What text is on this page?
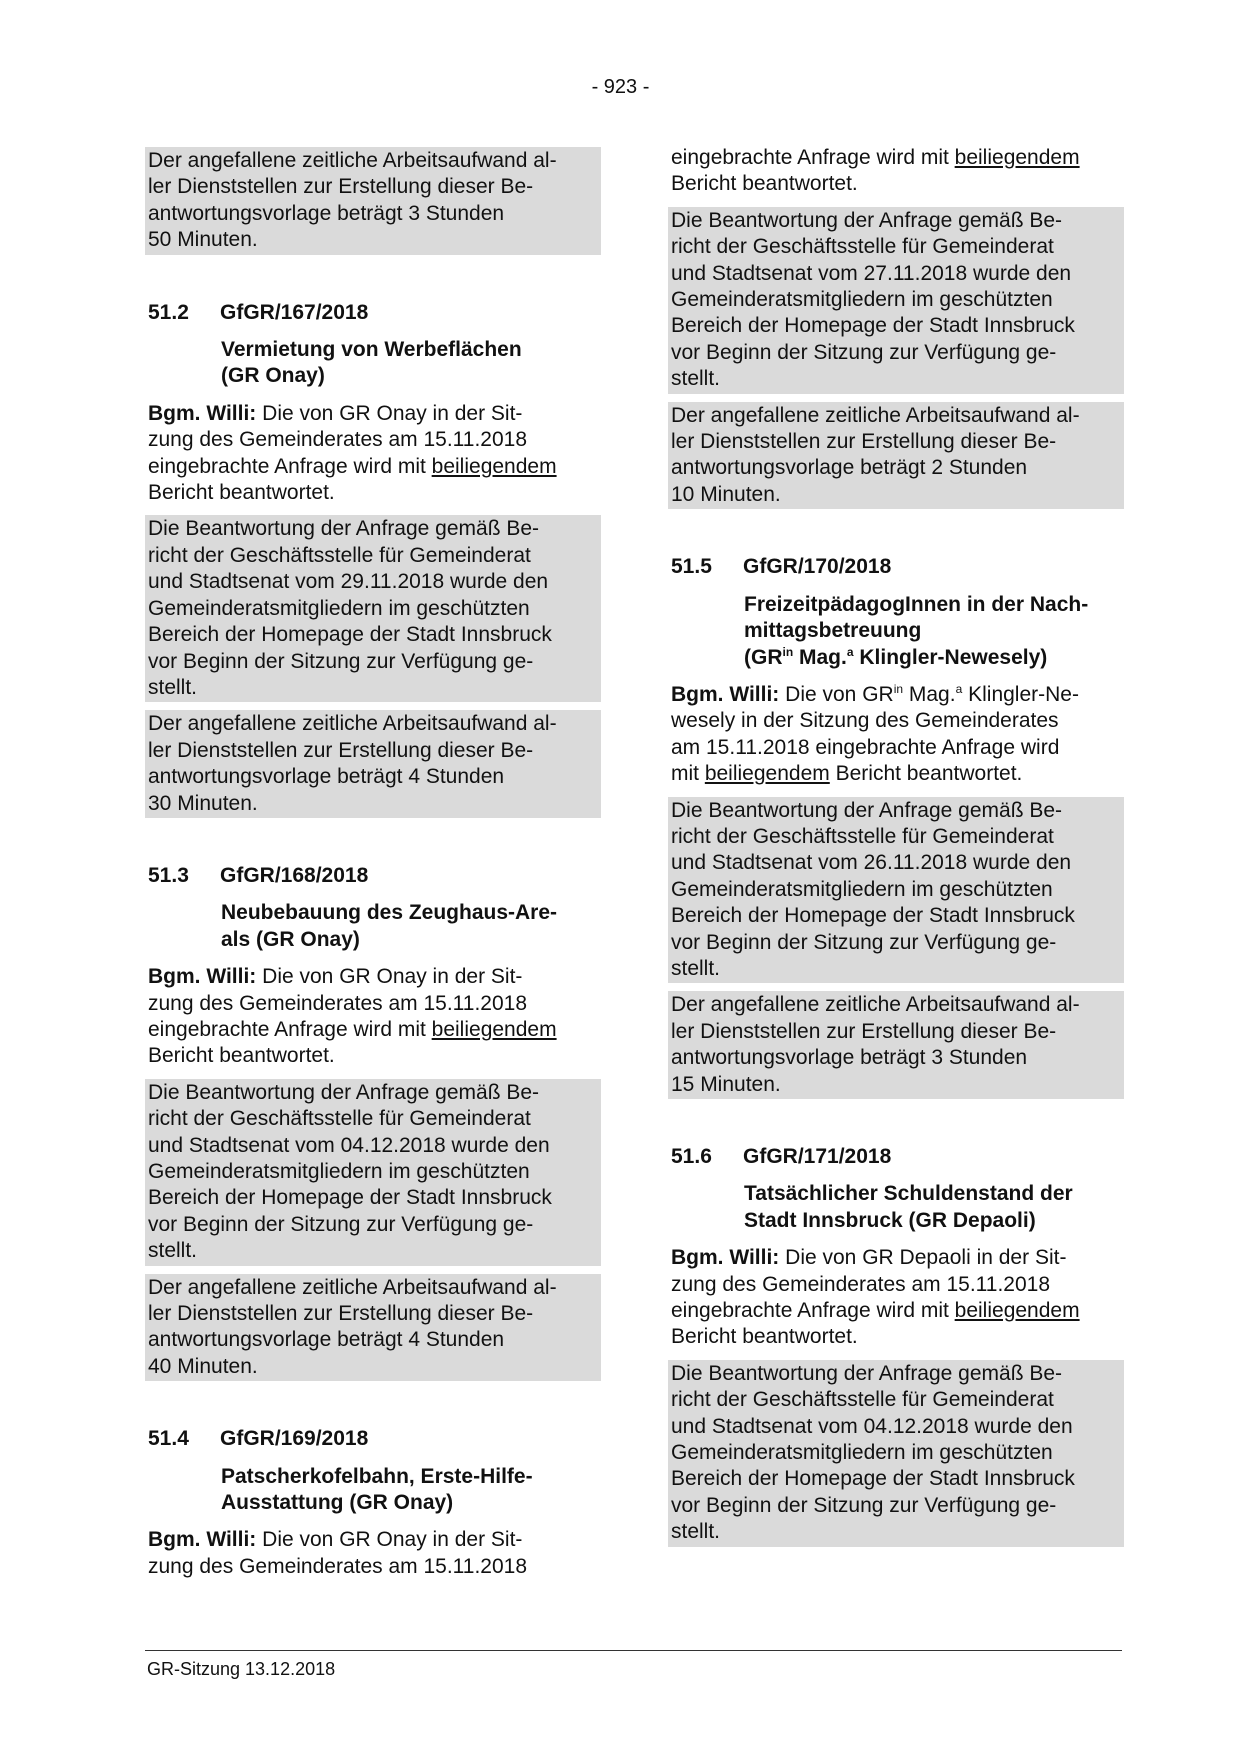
- 923 -
Der angefallene zeitliche Arbeitsaufwand al-
ler Dienststellen zur Erstellung dieser Be-
antwortungsvorlage beträgt 3 Stunden
50 Minuten.
51.2 GfGR/167/2018
Vermietung von Werbeflächen
(GR Onay)
Bgm. Willi: Die von GR Onay in der Sit-
zung des Gemeinderates am 15.11.2018
eingebrachte Anfrage wird mit beiliegendem
Bericht beantwortet.
Die Beantwortung der Anfrage gemäß Be-
richt der Geschäftsstelle für Gemeinderat
und Stadtsenat vom 29.11.2018 wurde den
Gemeinderatsmitgliedern im geschützten
Bereich der Homepage der Stadt Innsbruck
vor Beginn der Sitzung zur Verfügung ge-
stellt.
Der angefallene zeitliche Arbeitsaufwand al-
ler Dienststellen zur Erstellung dieser Be-
antwortungsvorlage beträgt 4 Stunden
30 Minuten.
51.3 GfGR/168/2018
Neubebauung des Zeughaus-Are-
als (GR Onay)
Bgm. Willi: Die von GR Onay in der Sit-
zung des Gemeinderates am 15.11.2018
eingebrachte Anfrage wird mit beiliegendem
Bericht beantwortet.
Die Beantwortung der Anfrage gemäß Be-
richt der Geschäftsstelle für Gemeinderat
und Stadtsenat vom 04.12.2018 wurde den
Gemeinderatsmitgliedern im geschützten
Bereich der Homepage der Stadt Innsbruck
vor Beginn der Sitzung zur Verfügung ge-
stellt.
Der angefallene zeitliche Arbeitsaufwand al-
ler Dienststellen zur Erstellung dieser Be-
antwortungsvorlage beträgt 4 Stunden
40 Minuten.
51.4 GfGR/169/2018
Patscherkofelbahn, Erste-Hilfe-
Ausstattung (GR Onay)
Bgm. Willi: Die von GR Onay in der Sit-
zung des Gemeinderates am 15.11.2018
eingebrachte Anfrage wird mit beiliegendem
Bericht beantwortet.
Die Beantwortung der Anfrage gemäß Be-
richt der Geschäftsstelle für Gemeinderat
und Stadtsenat vom 27.11.2018 wurde den
Gemeinderatsmitgliedern im geschützten
Bereich der Homepage der Stadt Innsbruck
vor Beginn der Sitzung zur Verfügung ge-
stellt.
Der angefallene zeitliche Arbeitsaufwand al-
ler Dienststellen zur Erstellung dieser Be-
antwortungsvorlage beträgt 2 Stunden
10 Minuten.
51.5 GfGR/170/2018
FreizeitpädagogInnen in der Nach-
mittagsbetreuung
($GR^{in}$ Mag.$^a$ Klingler-Newesely)
Bgm. Willi: Die von $GR^{in}$ Mag.$^a$ Klingler-Ne-
wesely in der Sitzung des Gemeinderates
am 15.11.2018 eingebrachte Anfrage wird
mit beiliegendem Bericht beantwortet.
Die Beantwortung der Anfrage gemäß Be-
richt der Geschäftsstelle für Gemeinderat
und Stadtsenat vom 26.11.2018 wurde den
Gemeinderatsmitgliedern im geschützten
Bereich der Homepage der Stadt Innsbruck
vor Beginn der Sitzung zur Verfügung ge-
stellt.
Der angefallene zeitliche Arbeitsaufwand al-
ler Dienststellen zur Erstellung dieser Be-
antwortungsvorlage beträgt 3 Stunden
15 Minuten.
51.6 GfGR/171/2018
Tatsächlicher Schuldenstand der
Stadt Innsbruck (GR Depaoli)
Bgm. Willi: Die von GR Depaoli in der Sit-
zung des Gemeinderates am 15.11.2018
eingebrachte Anfrage wird mit beiliegendem
Bericht beantwortet.
Die Beantwortung der Anfrage gemäß Be-
richt der Geschäftsstelle für Gemeinderat
und Stadtsenat vom 04.12.2018 wurde den
Gemeinderatsmitgliedern im geschützten
Bereich der Homepage der Stadt Innsbruck
vor Beginn der Sitzung zur Verfügung ge-
stellt.
GR-Sitzung 13.12.2018
